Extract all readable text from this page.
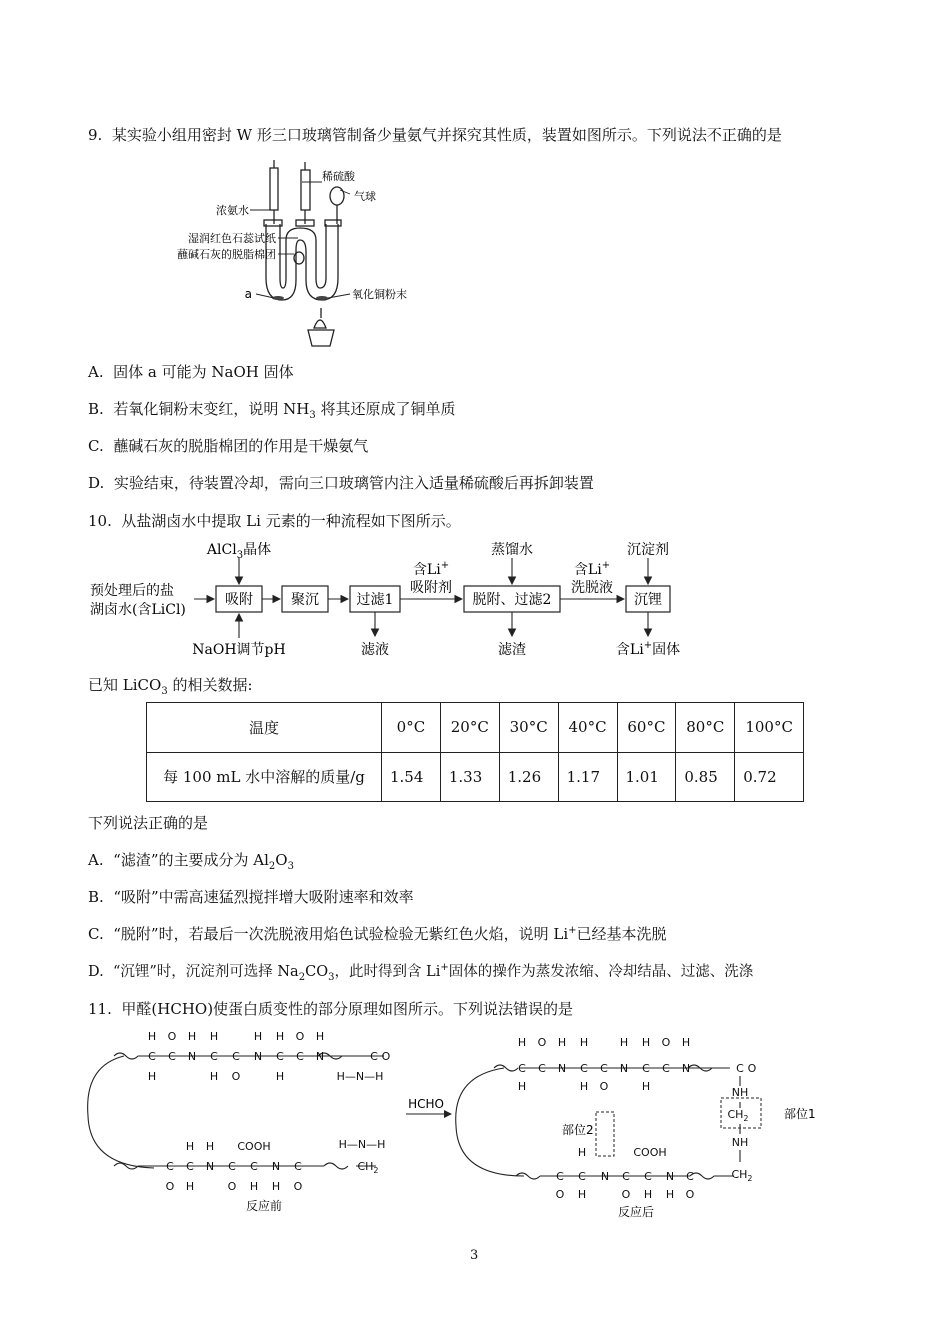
9. 某实验小组用密封 W 形三口玻璃管制备少量氨气并探究其性质，装置如图所示。下列说法不正确的是
浓氨水
稀硫酸
气球
湿润红色石蕊试纸
蘸碱石灰的脱脂棉团
a	氧化铜粉末
A. 固体 a 可能为 NaOH 固体
B. 若氧化铜粉末变红，说明 $NH_3$ 将其还原成了铜单质
C. 蘸碱石灰的脱脂棉团的作用是干燥氨气
D. 实验结束，待装置冷却，需向三口玻璃管内注入适量稀硫酸后再拆卸装置
10. 从盐湖卤水中提取 Li 元素的一种流程如下图所示。
预处理后的盐
湖卤水(含LiCl)
吸附	聚沉	过滤1	脱附、过滤2	沉锂
AlCl$_3$晶体
NaOH调节pH
含Li+
吸附剂
蒸馏水
含Li+
洗脱液
沉淀剂
滤液	滤渣	含Li+固体
已知 LiCO$_3$ 的相关数据:
温度	0°C	20°C	30°C	40°C	60°C	80°C	100°C
每 100 mL 水中溶解的质量/g	1.54	1.33	1.26	1.17	1.01	0.85	0.72
下列说法正确的是
A. “滤渣”的主要成分为 $Al_2O_3$
B. “吸附”中需高速猛烈搅拌增大吸附速率和效率
C. “脱附”时，若最后一次洗脱液用焰色试验检验无紫红色火焰，说明 Li+已经基本洗脱
D. “沉锂”时，沉淀剂可选择 $Na_2CO_3$，此时得到含 Li+固体的操作为蒸发浓缩、冷却结晶、过滤、洗涤
11. 甲醛(HCHO)使蛋白质变性的部分原理如图所示。下列说法错误的是
H
C
H
O
C N
H H
C
H
C
O
N
H H
C
H
O
C N
H
C O
H—N—H
H
C
O
C
H
H
N C
O
COOH
C
H
N
H
C
O
H—N—H
$CH_2$
H
C
H
O
C
H
N
H
C
H
C
O
H
N
H
C
H
O
C
H
N	C O
NH
$CH_2$
NH
$CH_2$
C
O
H
C
H
N C
O
COOH
C
H
N
H
C
O
HCHO
反应前	反应后
部位1
部位2
3
